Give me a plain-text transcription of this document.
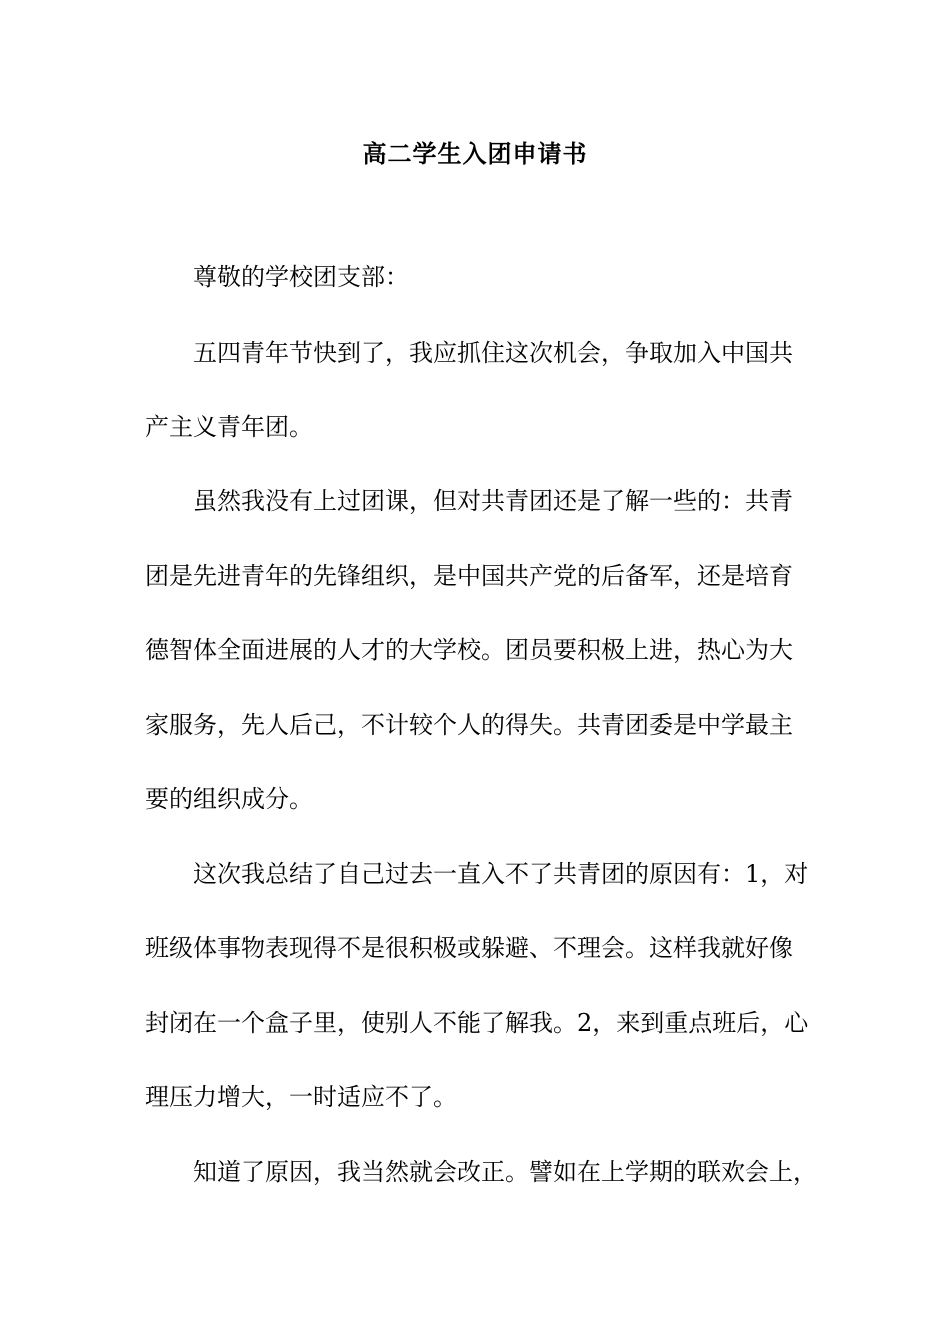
高二学生入团申请书
尊敬的学校团支部：
五四青年节快到了，我应抓住这次机会，争取加入中国共
产主义青年团。
虽然我没有上过团课，但对共青团还是了解一些的：共青
团是先进青年的先锋组织，是中国共产党的后备军，还是培育
德智体全面进展的人才的大学校。团员要积极上进，热心为大
家服务，先人后己，不计较个人的得失。共青团委是中学最主
要的组织成分。
这次我总结了自己过去一直入不了共青团的原因有：1，对
班级体事物表现得不是很积极或躲避、不理会。这样我就好像
封闭在一个盒子里，使别人不能了解我。2，来到重点班后，心
理压力增大，一时适应不了。
知道了原因，我当然就会改正。譬如在上学期的联欢会上，
